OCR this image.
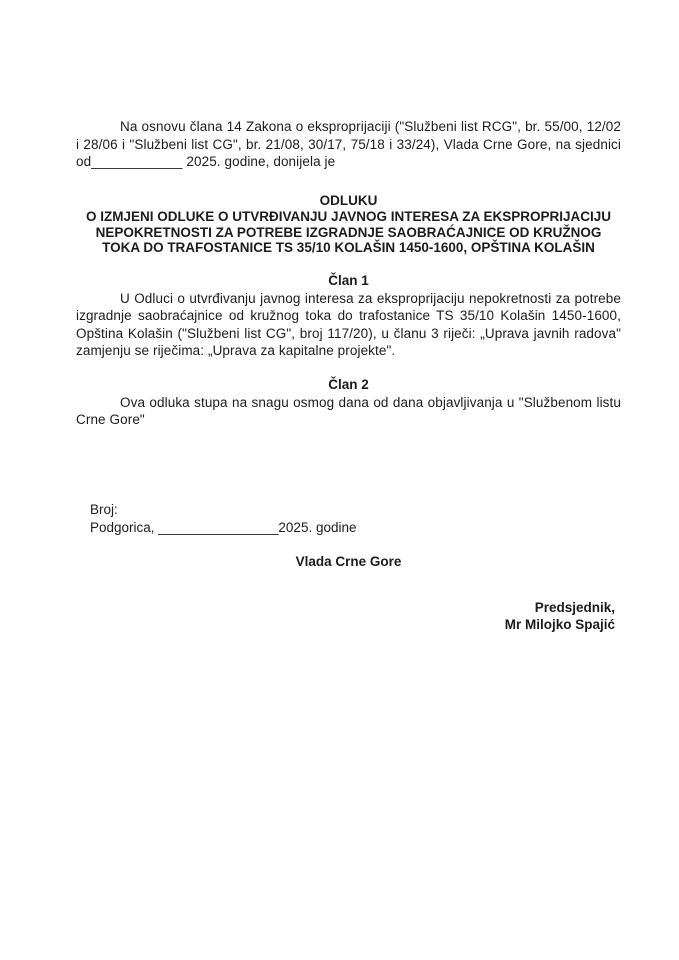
Na osnovu člana 14 Zakona o eksproprijaciji ("Službeni list RCG", br. 55/00, 12/02 i 28/06 i "Službeni list CG", br. 21/08, 30/17, 75/18 i 33/24), Vlada Crne Gore, na sjednici od____________ 2025. godine, donijela je

ODLUKU
O IZMJENI ODLUKE O UTVRĐIVANJU JAVNOG INTERESA ZA EKSPROPRIJACIJU NEPOKRETNOSTI ZA POTREBE IZGRADNJE SAOBRAĆAJNICE OD KRUŽNOG TOKA DO TRAFOSTANICE TS 35/10 KOLAŠIN 1450-1600, OPŠTINA KOLAŠIN
Član 1

U Odluci o utvrđivanju javnog interesa za eksproprijaciju nepokretnosti za potrebe izgradnje saobraćajnice od kružnog toka do trafostanice TS 35/10 Kolašin 1450-1600, Opština Kolašin ("Službeni list CG", broj 117/20), u članu 3 riječi: „Uprava javnih radova" zamjenju se riječima: „Uprava za kapitalne projekte".

Član 2

Ova odluka stupa na snagu osmog dana od dana objavljivanja u "Službenom listu Crne Gore"

Broj:
Podgorica, ________________2025. godine
Vlada Crne Gore
Predsjednik,
Mr Milojko Spajić
